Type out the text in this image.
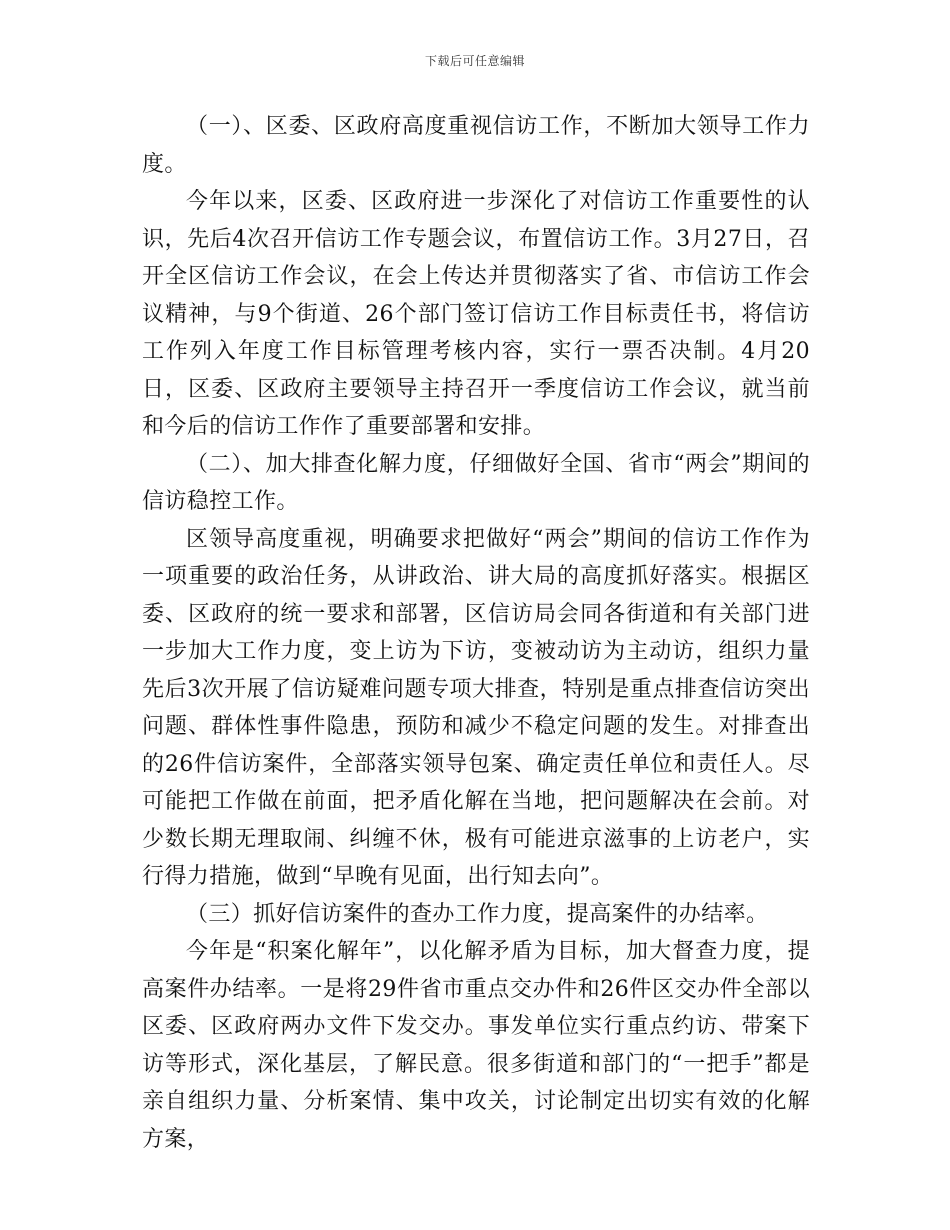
下载后可任意编辑

（一）、区委、区政府高度重视信访工作，不断加大领导工作力度。

今年以来，区委、区政府进一步深化了对信访工作重要性的认识，先后4次召开信访工作专题会议，布置信访工作。3月27日，召开全区信访工作会议，在会上传达并贯彻落实了省、市信访工作会议精神，与9个街道、26个部门签订信访工作目标责任书，将信访工作列入年度工作目标管理考核内容，实行一票否决制。4月20日，区委、区政府主要领导主持召开一季度信访工作会议，就当前和今后的信访工作作了重要部署和安排。

（二）、加大排查化解力度，仔细做好全国、省市“两会”期间的信访稳控工作。

区领导高度重视，明确要求把做好“两会”期间的信访工作作为一项重要的政治任务，从讲政治、讲大局的高度抓好落实。根据区委、区政府的统一要求和部署，区信访局会同各街道和有关部门进一步加大工作力度，变上访为下访，变被动访为主动访，组织力量先后3次开展了信访疑难问题专项大排查，特别是重点排查信访突出问题、群体性事件隐患，预防和减少不稳定问题的发生。对排查出的26件信访案件，全部落实领导包案、确定责任单位和责任人。尽可能把工作做在前面，把矛盾化解在当地，把问题解决在会前。对少数长期无理取闹、纠缠不休，极有可能进京滋事的上访老户，实行得力措施，做到“早晚有见面，出行知去向”。

（三）抓好信访案件的查办工作力度，提高案件的办结率。

今年是“积案化解年”，以化解矛盾为目标，加大督查力度，提高案件办结率。一是将29件省市重点交办件和26件区交办件全部以区委、区政府两办文件下发交办。事发单位实行重点约访、带案下访等形式，深化基层，了解民意。很多街道和部门的“一把手”都是亲自组织力量、分析案情、集中攻关，讨论制定出切实有效的化解方案，
